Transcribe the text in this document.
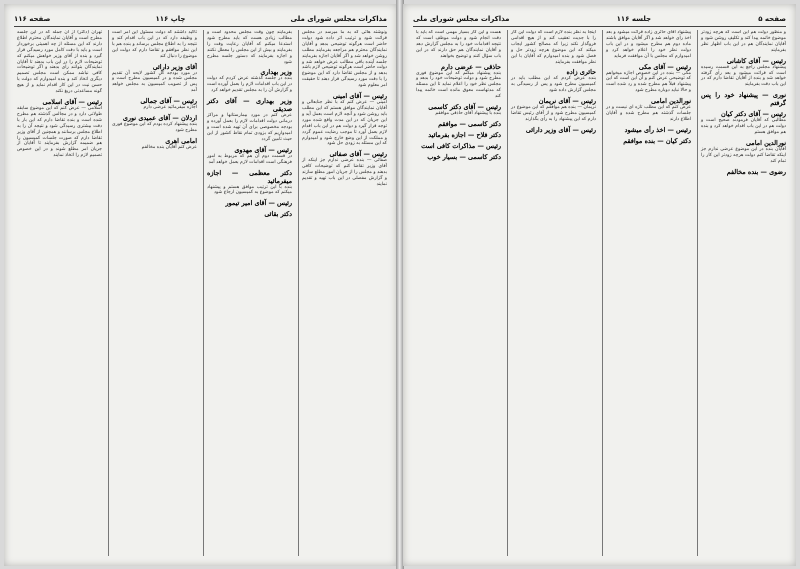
مذاکرات مجلس شورای ملی
چاپ ۱۱۶
صفحه ۱۱۶
ونوشته هائی که به ما میرسد در مجلس قرائت شود و ترتیب اثر داده شود دولت حاضر است هرگونه توضیحی بدهد و آقایان نمایندگان محترم هم مراجعه بفرمایند مطلب روشن خواهد شد و اگر آقایان اجازه بفرمایند جلسه آینده باقی مطالب عرض خواهد شد و دولت حاضر است هرگونه توضیحی لازم باشد بدهد و از مجلس تقاضا دارد که این موضوع را با دقت مورد رسیدگی قرار دهند تا حقیقت امر معلوم شود
رئیس — آقای امینی
امینی — عرض کنم که با نظر جنابعالی و آقایان نمایندگان موافق هستم که این مطلب باید روشن شود و آنچه لازم است بعمل آید و این جریان که در این مدت واقع شده مورد توجه قرار گیرد و دولت هم در این باب اقدام لازم بعمل آورد تا موجب رضایت عموم گردد و مملکت از این وضع خارج شود و امیدوارم که این مسئله به زودی حل شود
رئیس — آقای صفائی
صفائی — بنده عرضی ندارم جز اینکه از آقای وزیر تقاضا کنم که توضیحات کافی بدهند و مجلس را از جریان امور مطلع سازند و گزارش مفصلی در این باب تهیه و تقدیم نمایند
بفرمایند چون وقت مجلس محدود است و مطالب زیادی هست که باید مطرح شود استدعا میکنم که آقایان رعایت وقت را بفرمایند و بیش از این مجلس را معطل نکنند و اجازه بفرمایند که دستور جلسه مطرح شود
وزیر بهداری
بنده در جلسه گذشته عرض کردم که دولت در این باب اقدامات لازم را بعمل آورده است و گزارش آن را به مجلس تقدیم خواهد کرد
وزیر بهداری — آقای دکتر صدیقی
عرض کنم در مورد بیمارستانها و مراکز درمانی دولت اقدامات لازم را بعمل آورده و بودجه مخصوصی برای آن تهیه شده است و امیدواریم که بزودی تمام نقاط کشور از این حیث تأمین گردد
رئیس — آقای مهدوی
در قسمت دوم آن هم که مربوط به امور فرهنگی است اقدامات لازم بعمل خواهد آمد
دکتر معظمی — اجازه میفرمائید
بنده با این ترتیب موافق هستم و پیشنهاد میکنم که موضوع به کمیسیون ارجاع شود
رئیس — آقای امیر تیمور
دکتر بقائی
تاکید داشتند که دولت مسئول این امر است و وظیفه دارد که در این باب اقدام کند و نتیجه را به اطلاع مجلس برساند و بنده هم با این نظر موافقم و تقاضا دارم که دولت این موضوع را دنبال کند
آقای وزیر دارائی
در مورد بودجه کل کشور لایحه آن تقدیم مجلس شده و در کمیسیون مطرح است و پس از تصویب کمیسیون به مجلس خواهد آمد
رئیس — آقای جمالی
اجازه میفرمائید عرضی دارم
اردلان — آقای عمیدی نوری
بنده پیشنهاد کرده بودم که این موضوع فوری مطرح شود
امامی اهری
عرض کنم آقایان بنده مخالفم
تهران (دکتر) از آن جمله که در این جلسه مطرح است و آقایان نمایندگان محترم اطلاع دارند که این مسئله از چه اهمیتی برخوردار است و باید با دقت کامل مورد رسیدگی قرار گیرد و بنده از آقای وزیر خواهش میکنم که توضیحات لازم را در این باب بدهند تا آقایان نمایندگان بتوانند رأی بدهند و اگر توضیحات کافی نباشد ممکن است مجلس تصمیم دیگری اتخاذ کند و بنده امیدوارم که دولت با حسن نیت در این کار اقدام نماید و از هیچ گونه مساعدتی دریغ نکند
رئیس — آقای اسلامی
اسلامی — عرض کنم که این موضوع سابقه طولانی دارد و در مجالس گذشته هم مطرح شده است و بنده تقاضا دارم که این بار با دقت بیشتری رسیدگی شود و نتیجه آن را به اطلاع مجلس برسانند و همچنین از آقای وزیر تقاضا دارم که صورت جلسات کمیسیون را هم ضمیمه گزارش بفرمایند تا آقایان از جریان امر مطلع شوند و در این خصوص تصمیم لازم را اتخاذ نمایند
صفحه ۵
جلسه ۱۱۶
مذاکرات مجلس شورای ملی
و منظور دولت هم این است که هرچه زودتر موضوع خاتمه پیدا کند و تکلیف روشن شود و آقایان نمایندگان هم در این باب اظهار نظر بفرمایند
رئیس — آقای کاشانی
پیشنهاد مجلس راجع به این قسمت رسیده است که قرائت میشود و بعد رأی گرفته خواهد شد و بنده از آقایان تقاضا دارم که در این باب دقت بفرمایند
نوری — پیشنهاد خود را پس گرفتم
رئیس — آقای دکتر کیان
مطالبی که آقایان فرمودند صحیح است و دولت هم در این باب اقدام خواهد کرد و بنده هم موافق هستم
نورالدین امامی
آقایان بنده در این موضوع عرضی ندارم جز اینکه تقاضا کنم دولت هرچه زودتر این کار را تمام کند
رضوی — بنده مخالفم
پیشنهاد آقای حائری زاده قرائت میشود و بعد اخذ رأی خواهد شد و اگر آقایان موافق باشند ماده دوم هم مطرح میشود و در این باب دولت نظر خود را اعلام خواهد کرد و امیدوارم که مجلس با آن موافقت فرماید
رئیس — آقای مکی
مکی — بنده در این خصوص اجازه میخواهم که توضیحی عرض کنم و آن این است که این پیشنهاد قبلاً هم مطرح شده و رد شده است و حالا نباید دوباره مطرح شود
نورالدین امامی
عرض کنم که این مطلب تازه ای نیست و در جلسات گذشته هم مطرح شده و آقایان اطلاع دارند
رئیس — اخذ رأی میشود
دکتر کیان — بنده موافقم
اینجا به نظر بنده لازم است که دولت این کار را با جدیت تعقیب کند و از هیچ اقدامی فروگذار نکند زیرا که مصالح کشور ایجاب میکند که این موضوع هرچه زودتر حل و فصل شود و بنده امیدوارم که آقایان با این نظر موافقت بفرمایند
حائری زاده
بنده عرض کردم که این مطلب باید در کمیسیون مطرح شود و پس از رسیدگی به مجلس گزارش داده شود
رئیس — آقای نریمان
نریمان — بنده هم موافقم که این موضوع در کمیسیون مطرح شود و از آقای رئیس تقاضا دارم که این پیشنهاد را به رأی بگذارند
رئیس — آقای وزیر دارائی
هست و این کار بسیار مهمی است که باید با دقت انجام شود و دولت موظف است که نتیجه اقدامات خود را به مجلس گزارش دهد و آقایان نمایندگان هم حق دارند که در این باب سؤال کنند و توضیح بخواهند
حاذقی — عرضی دارم
بنده پیشنهاد میکنم که این موضوع فوری مطرح شود و دولت توضیحات خود را بدهد و مجلس نظر خود را اعلام نماید تا این مسئله که مدتهاست معوق مانده است خاتمه پیدا کند
رئیس — آقای دکتر کاسمی
بنده با پیشنهاد آقای حاذقی موافقم
دکتر کاسمی — موافقم
دکتر فلاح — اجازه بفرمائید
رئیس — مذاکرات کافی است
دکتر کاسمی — بسیار خوب
